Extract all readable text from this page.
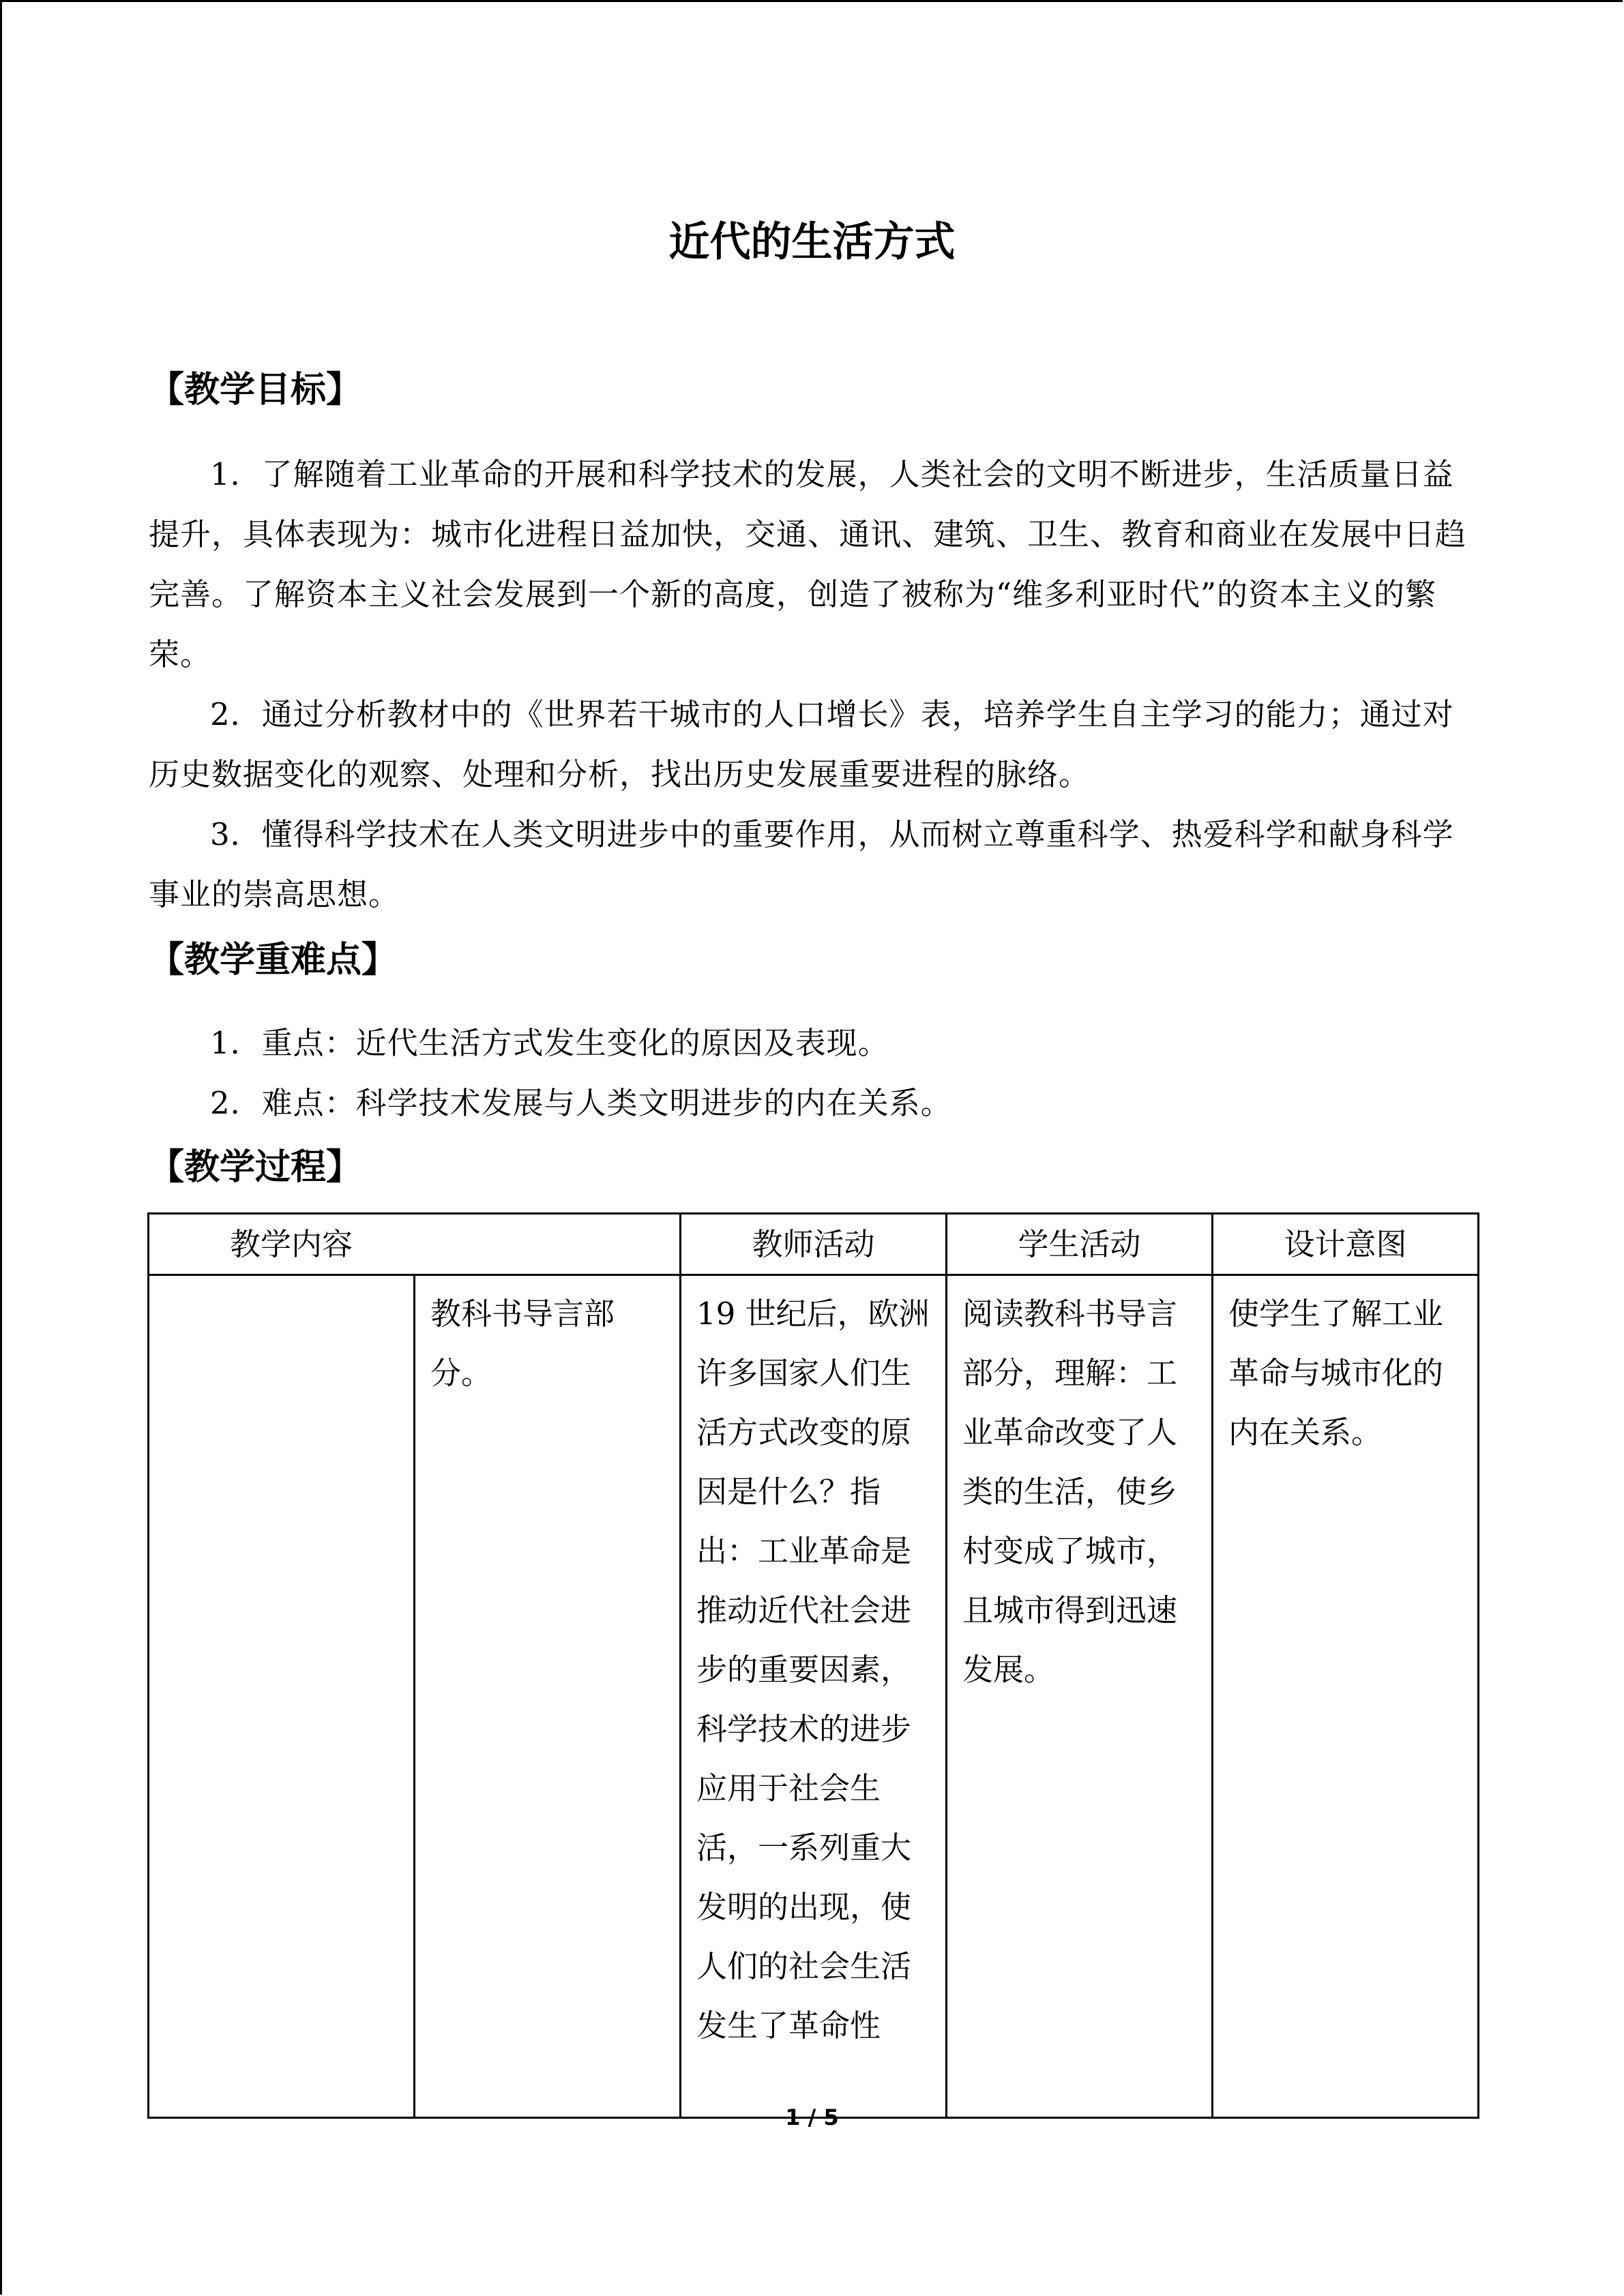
近代的生活方式
【教学目标】
1．了解随着工业革命的开展和科学技术的发展，人类社会的文明不断进步，生活质量日益提升，具体表现为：城市化进程日益加快，交通、通讯、建筑、卫生、教育和商业在发展中日趋完善。了解资本主义社会发展到一个新的高度，创造了被称为“维多利亚时代”的资本主义的繁荣。
2．通过分析教材中的《世界若干城市的人口增长》表，培养学生自主学习的能力；通过对历史数据变化的观察、处理和分析，找出历史发展重要进程的脉络。
3．懂得科学技术在人类文明进步中的重要作用，从而树立尊重科学、热爱科学和献身科学事业的崇高思想。
【教学重难点】
1．重点：近代生活方式发生变化的原因及表现。
2．难点：科学技术发展与人类文明进步的内在关系。
【教学过程】
教学内容		教师活动	学生活动	设计意图
	教科书导言部分。	19 世纪后，欧洲许多国家人们生活方式改变的原因是什么？指出：工业革命是推动近代社会进步的重要因素，科学技术的进步应用于社会生活，一系列重大发明的出现，使人们的社会生活发生了革命性	阅读教科书导言部分，理解：工业革命改变了人类的生活，使乡村变成了城市，且城市得到迅速发展。	使学生了解工业革命与城市化的内在关系。
1 / 5
